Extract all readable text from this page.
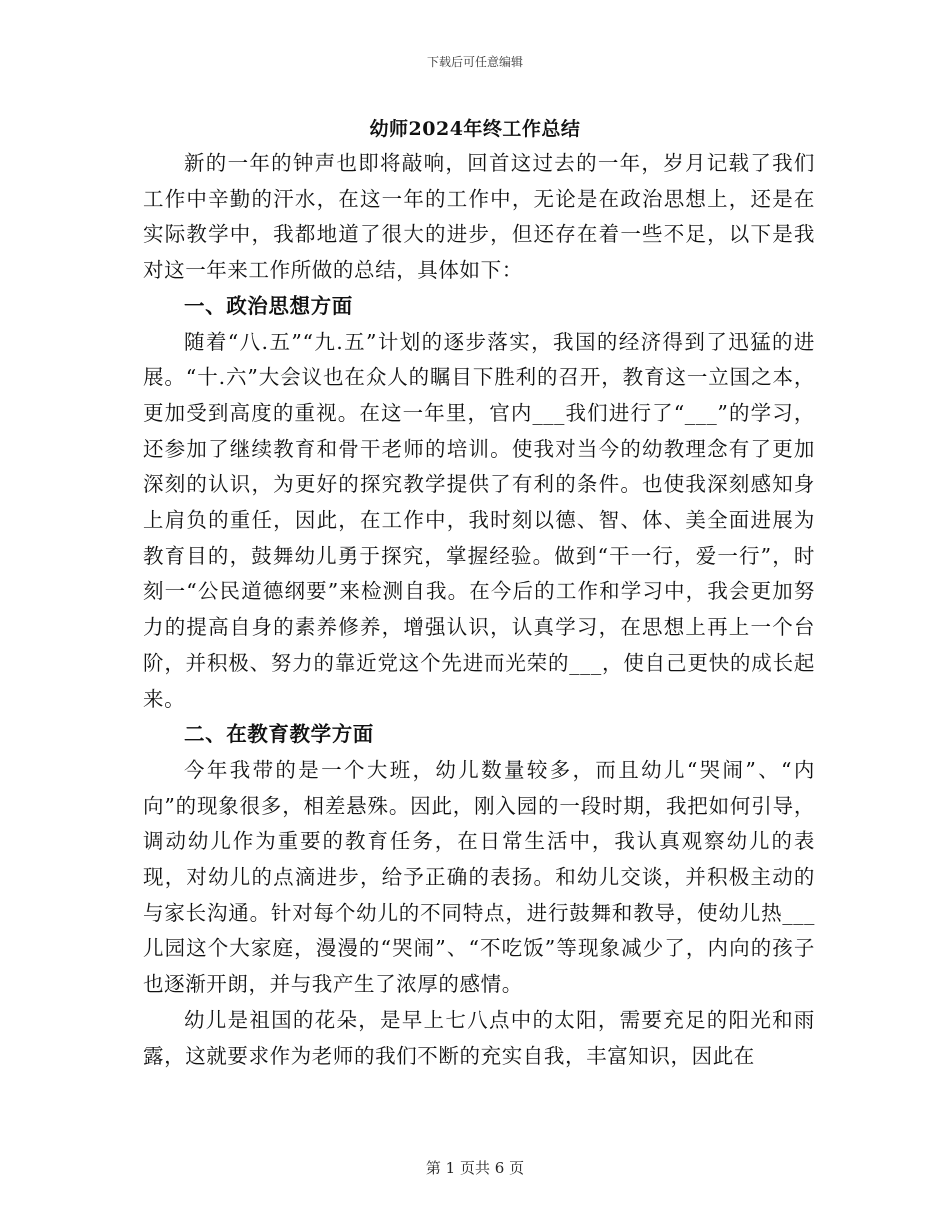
下载后可任意编辑
幼师2024年终工作总结

新的一年的钟声也即将敲响，回首这过去的一年，岁月记载了我们工作中辛勤的汗水，在这一年的工作中，无论是在政治思想上，还是在实际教学中，我都地道了很大的进步，但还存在着一些不足，以下是我对这一年来工作所做的总结，具体如下：

一、政治思想方面

随着“八.五”“九.五”计划的逐步落实，我国的经济得到了迅猛的进展。“十.六”大会议也在众人的瞩目下胜利的召开，教育这一立国之本，更加受到高度的重视。在这一年里，官内___我们进行了“___”的学习，还参加了继续教育和骨干老师的培训。使我对当今的幼教理念有了更加深刻的认识，为更好的探究教学提供了有利的条件。也使我深刻感知身上肩负的重任，因此，在工作中，我时刻以德、智、体、美全面进展为教育目的，鼓舞幼儿勇于探究，掌握经验。做到“干一行，爱一行”，时刻一“公民道德纲要”来检测自我。在今后的工作和学习中，我会更加努力的提高自身的素养修养，增强认识，认真学习，在思想上再上一个台阶，并积极、努力的靠近党这个先进而光荣的___，使自己更快的成长起来。

二、在教育教学方面

今年我带的是一个大班，幼儿数量较多，而且幼儿“哭闹”、“内向”的现象很多，相差悬殊。因此，刚入园的一段时期，我把如何引导，调动幼儿作为重要的教育任务，在日常生活中，我认真观察幼儿的表现，对幼儿的点滴进步，给予正确的表扬。和幼儿交谈，并积极主动的与家长沟通。针对每个幼儿的不同特点，进行鼓舞和教导，使幼儿热___儿园这个大家庭，漫漫的“哭闹”、“不吃饭”等现象减少了，内向的孩子也逐渐开朗，并与我产生了浓厚的感情。

幼儿是祖国的花朵，是早上七八点中的太阳，需要充足的阳光和雨露，这就要求作为老师的我们不断的充实自我，丰富知识，因此在

第 1 页共 6 页
